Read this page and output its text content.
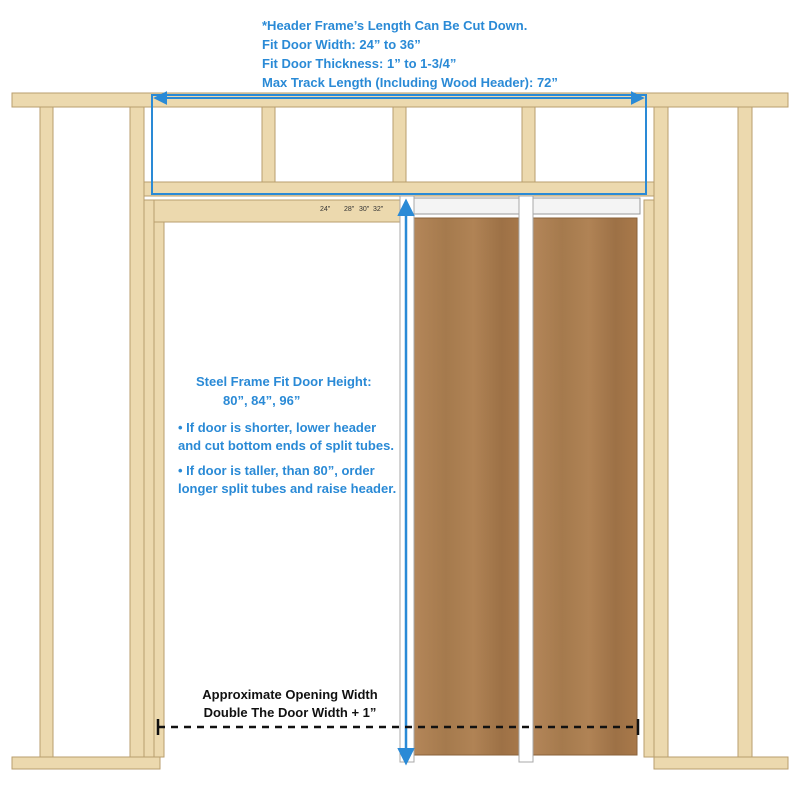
*Header Frame’s Length Can Be Cut Down.
Fit Door Width: 24” to 36”
Fit Door Thickness: 1” to 1-3/4”
Max Track Length (Including Wood Header): 72”
24" 28" 30" 32"
Steel Frame Fit Door Height:
80”, 84”, 96”
• If door is shorter, lower header
and cut bottom ends of split tubes.
• If door is taller, than 80”, order
longer split tubes and raise header.
Approximate Opening Width
Double The Door Width + 1”
